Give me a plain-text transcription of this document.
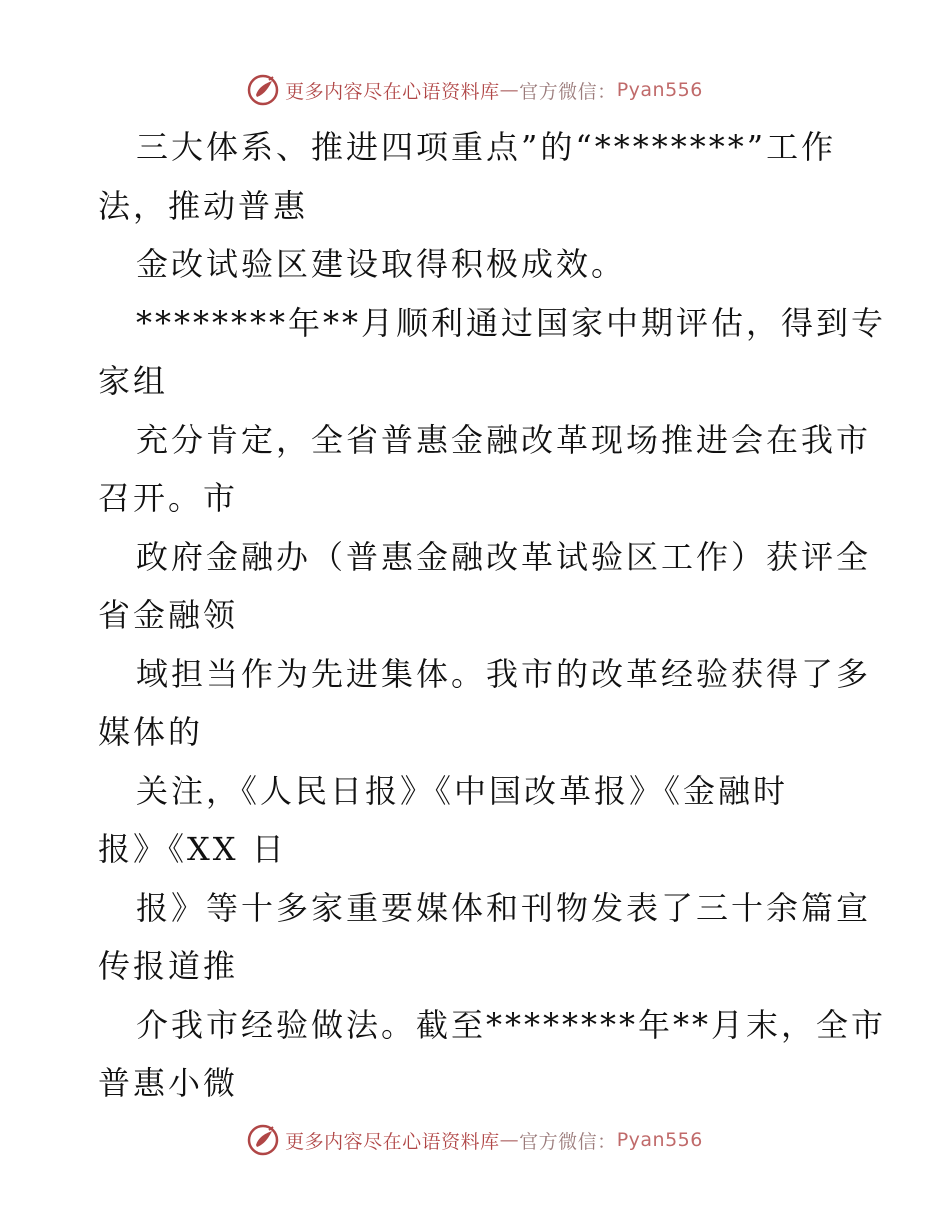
更多内容尽在心语资料库 — 官方微信： Pyan556
三大体系、推进四项重点”的“********”工作
法，推动普惠
金改试验区建设取得积极成效。
********年**月顺利通过国家中期评估，得到专
家组
充分肯定，全省普惠金融改革现场推进会在我市
召开。市
政府金融办（普惠金融改革试验区工作）获评全
省金融领
域担当作为先进集体。我市的改革经验获得了多
媒体的
关注，《人民日报》《中国改革报》《金融时
报》《XX 日
报》等十多家重要媒体和刊物发表了三十余篇宣
传报道推
介我市经验做法。截至********年**月末，全市
普惠小微
更多内容尽在心语资料库 — 官方微信： Pyan556
